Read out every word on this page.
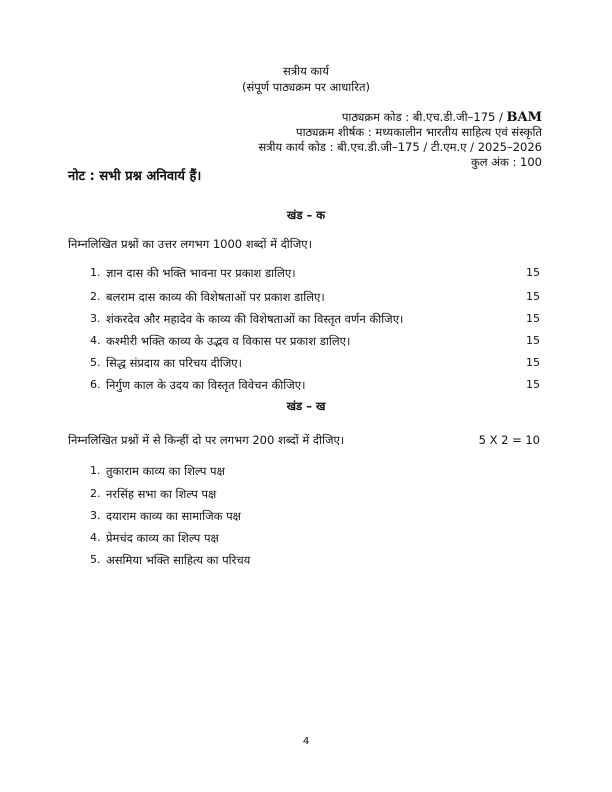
सत्रीय कार्य
(संपूर्ण पाठ्यक्रम पर आधारित)
पाठ्यक्रम कोड : बी.एच.डी.जी–175 / BAM
पाठ्यक्रम शीर्षक : मध्यकालीन भारतीय साहित्य एवं संस्कृति
सत्रीय कार्य कोड : बी.एच.डी.जी–175 / टी.एम.ए / 2025–2026
कुल अंक : 100
नोट : सभी प्रश्न अनिवार्य हैं।
खंड – क
निम्नलिखित प्रश्नों का उत्तर लगभग 1000 शब्दों में दीजिए।
1. ज्ञान दास की भक्ति भावना पर प्रकाश डालिए।	15
2. बलराम दास काव्य की विशेषताओं पर प्रकाश डालिए।	15
3. शंकरदेव और महादेव के काव्य की विशेषताओं का विस्तृत वर्णन कीजिए।	15
4. कश्मीरी भक्ति काव्य के उद्भव व विकास पर प्रकाश डालिए।	15
5. सिद्ध संप्रदाय का परिचय दीजिए।	15
6. निर्गुण काल के उदय का विस्तृत विवेचन कीजिए।	15
खंड – ख
निम्नलिखित प्रश्नों में से किन्हीं दो पर लगभग 200 शब्दों में दीजिए।	5 X 2 = 10
1. तुकाराम काव्य का शिल्प पक्ष
2. नरसिंह सभा का शिल्प पक्ष
3. दयाराम काव्य का सामाजिक पक्ष
4. प्रेमचंद काव्य का शिल्प पक्ष
5. असमिया भक्ति साहित्य का परिचय
4
